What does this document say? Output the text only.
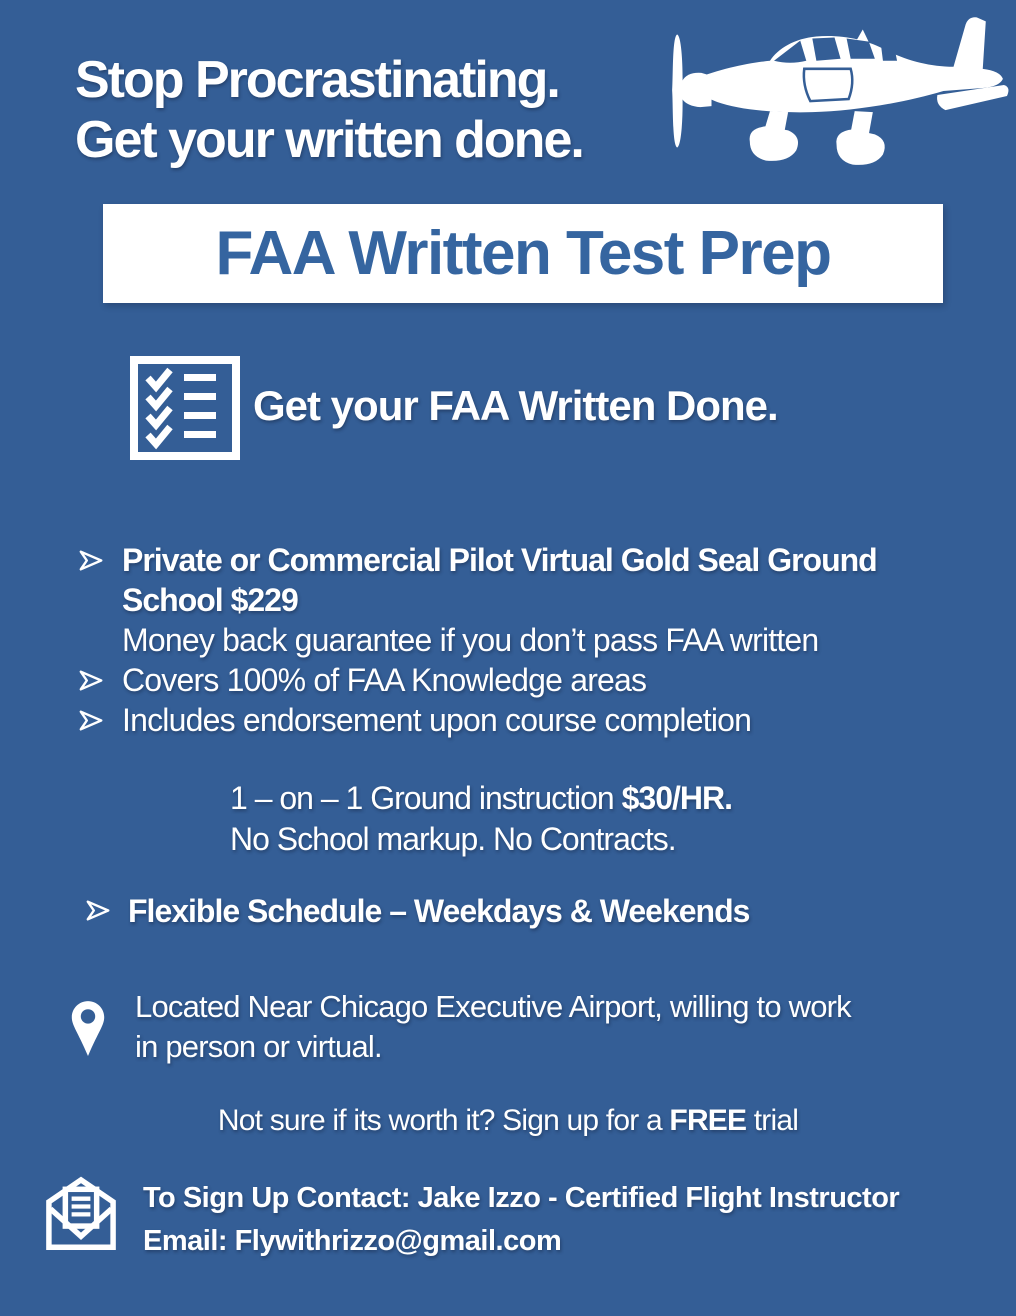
Stop Procrastinating.
Get your written done.
FAA Written Test Prep
Get your FAA Written Done.
Private or Commercial Pilot Virtual Gold Seal Ground
School $229
Money back guarantee if you don’t pass FAA written
Covers 100% of FAA Knowledge areas
Includes endorsement upon course completion
1 – on – 1 Ground instruction $30/HR.
No School markup. No Contracts.
Flexible Schedule – Weekdays & Weekends
Located Near Chicago Executive Airport, willing to work
in person or virtual.
Not sure if its worth it? Sign up for a FREE trial
To Sign Up Contact: Jake Izzo - Certified Flight Instructor
Email: Flywithrizzo@gmail.com
